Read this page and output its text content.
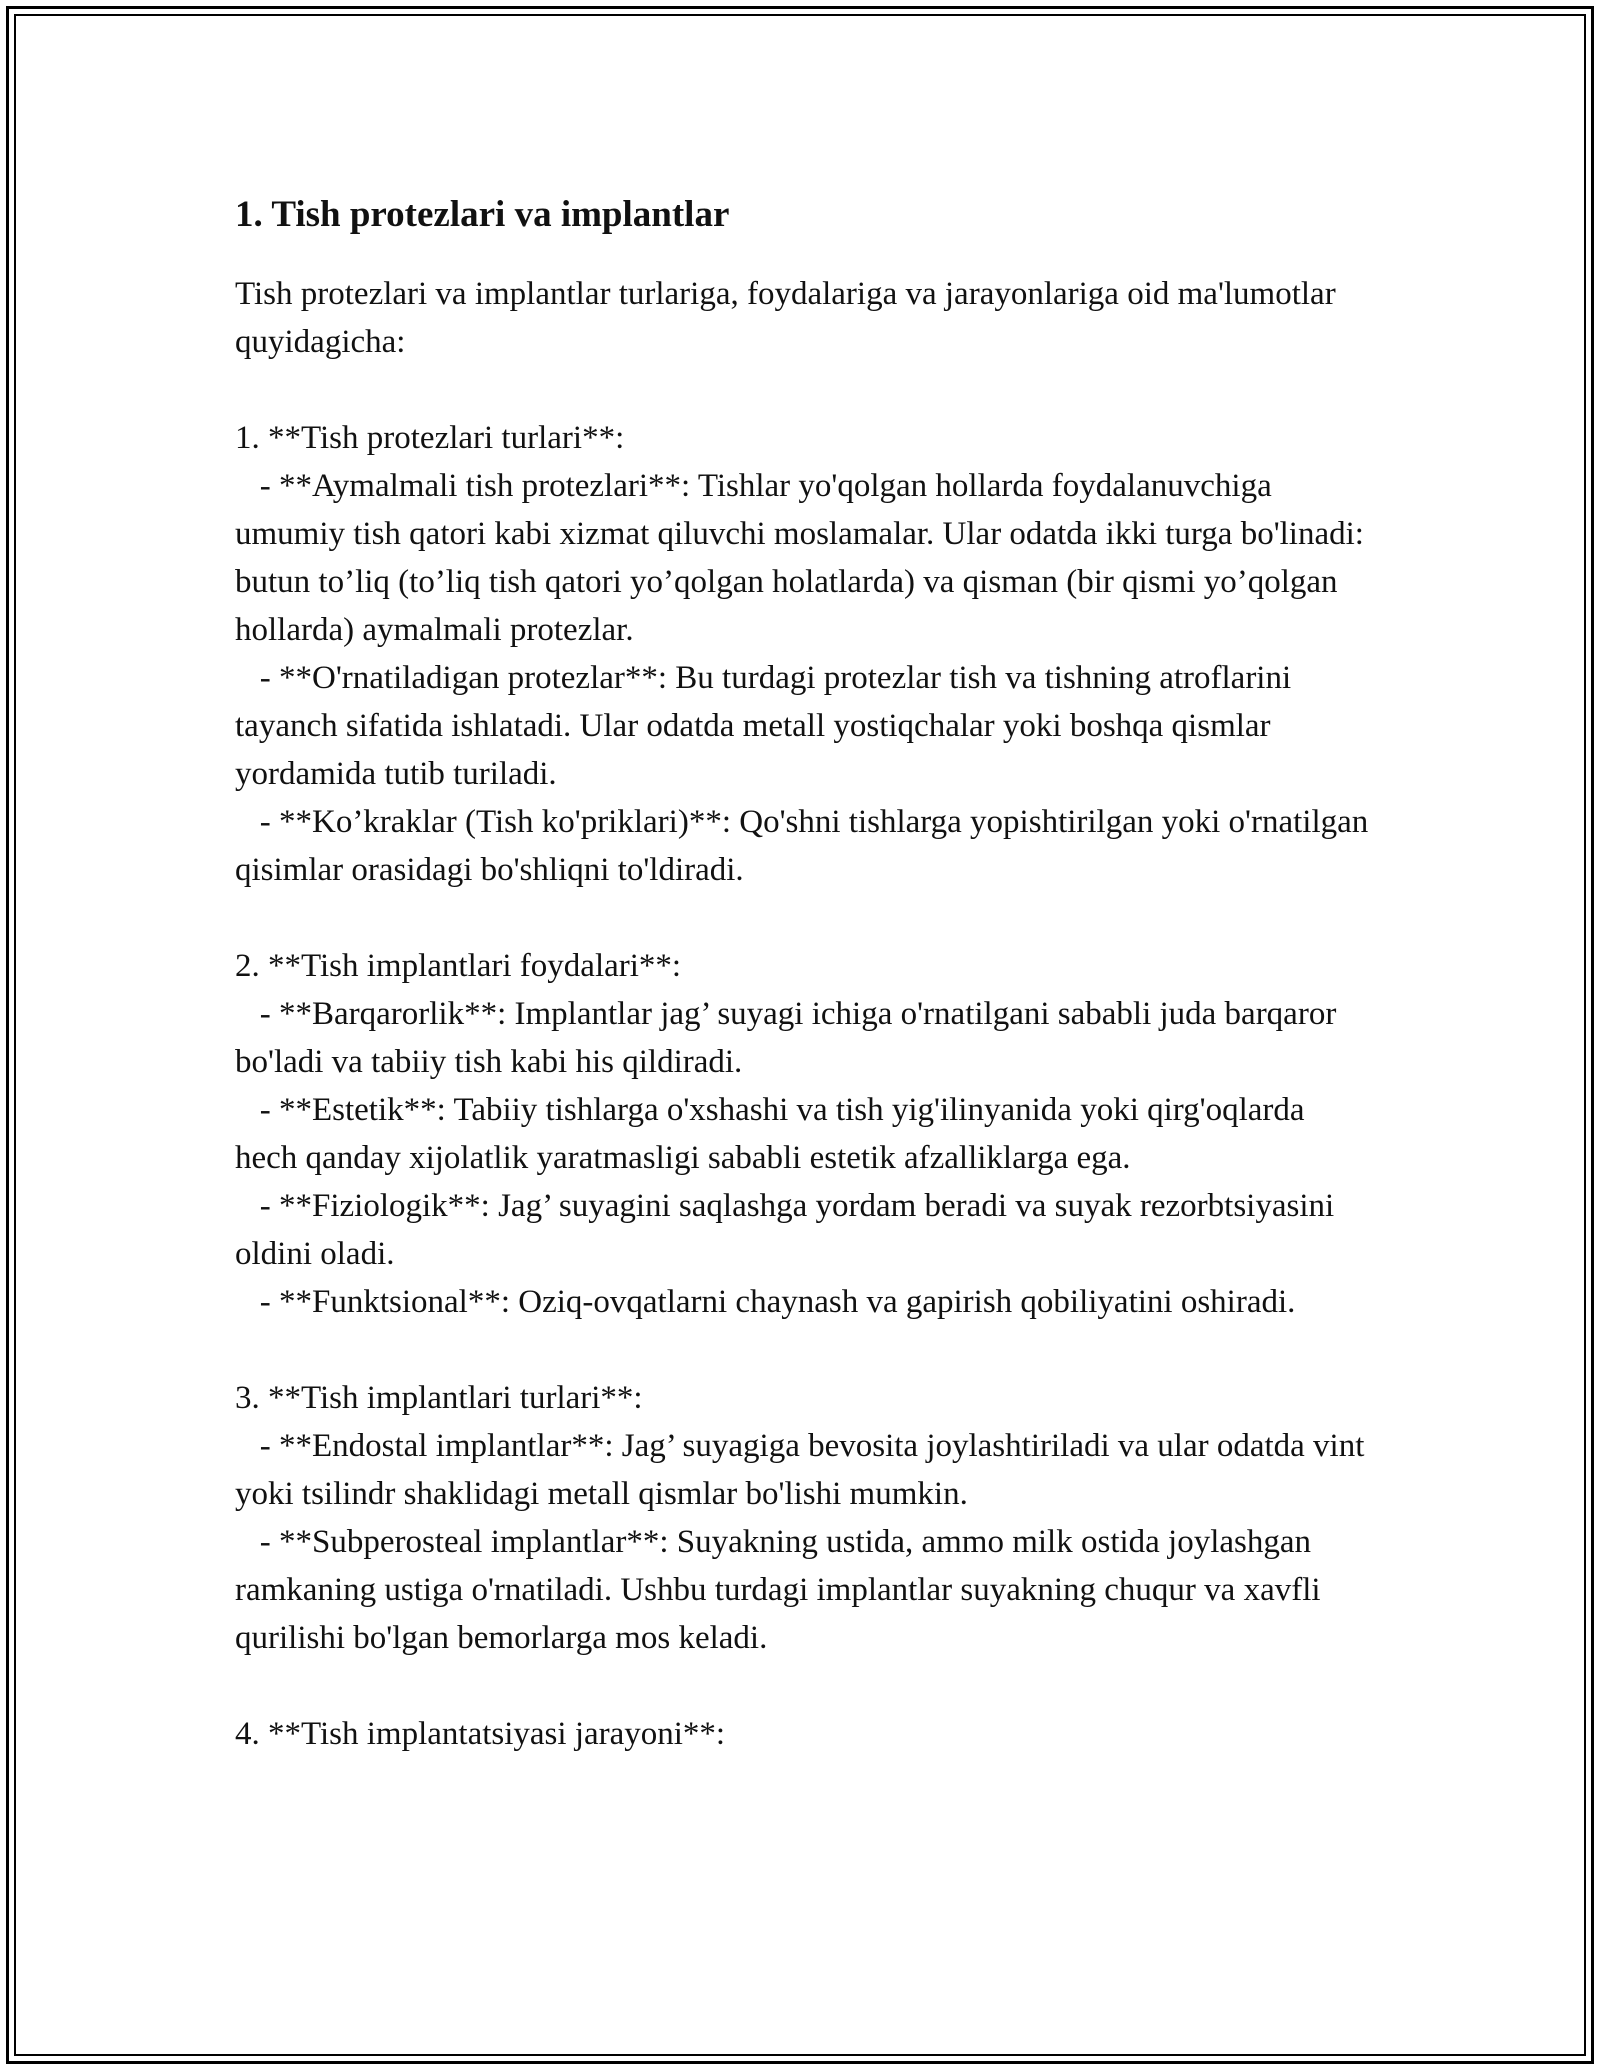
1. Tish protezlari va implantlar

Tish protezlari va implantlar turlariga, foydalariga va jarayonlariga oid ma'lumotlar quyidagicha:

1. **Tish protezlari turlari**:

- **Aymalmali tish protezlari**: Tishlar yo'qolgan hollarda foydalanuvchiga umumiy tish qatori kabi xizmat qiluvchi moslamalar. Ular odatda ikki turga bo'linadi: butun to’liq (to’liq tish qatori yo’qolgan holatlarda) va qisman (bir qismi yo’qolgan hollarda) aymalmali protezlar.

- **O'rnatiladigan protezlar**: Bu turdagi protezlar tish va tishning atroflarini tayanch sifatida ishlatadi. Ular odatda metall yostiqchalar yoki boshqa qismlar yordamida tutib turiladi.

- **Ko’kraklar (Tish ko'priklari)**: Qo'shni tishlarga yopishtirilgan yoki o'rnatilgan qisimlar orasidagi bo'shliqni to'ldiradi.

2. **Tish implantlari foydalari**:

- **Barqarorlik**: Implantlar jag’ suyagi ichiga o'rnatilgani sababli juda barqaror bo'ladi va tabiiy tish kabi his qildiradi.

- **Estetik**: Tabiiy tishlarga o'xshashi va tish yig'ilinyanida yoki qirg'oqlarda hech qanday xijolatlik yaratmasligi sababli estetik afzalliklarga ega.

- **Fiziologik**: Jag’ suyagini saqlashga yordam beradi va suyak rezorbtsiyasini oldini oladi.

- **Funktsional**: Oziq-ovqatlarni chaynash va gapirish qobiliyatini oshiradi.

3. **Tish implantlari turlari**:

- **Endostal implantlar**: Jag’ suyagiga bevosita joylashtiriladi va ular odatda vint yoki tsilindr shaklidagi metall qismlar bo'lishi mumkin.

- **Subperosteal implantlar**: Suyakning ustida, ammo milk ostida joylashgan ramkaning ustiga o'rnatiladi. Ushbu turdagi implantlar suyakning chuqur va xavfli qurilishi bo'lgan bemorlarga mos keladi.

4. **Tish implantatsiyasi jarayoni**:
